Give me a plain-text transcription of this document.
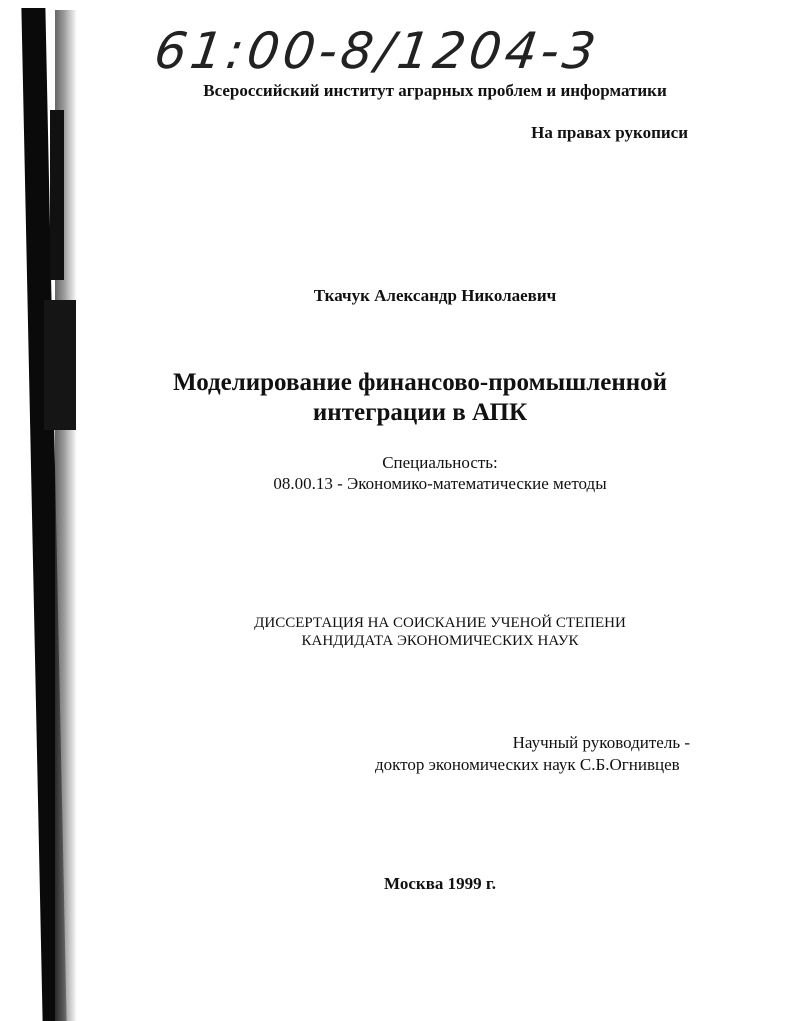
61:00-8/1204-3
Всероссийский институт аграрных проблем и информатики
На правах рукописи
Ткачук Александр Николаевич
Моделирование финансово-промышленной
интеграции в АПК
Специальность:
08.00.13 - Экономико-математические методы
ДИССЕРТАЦИЯ НА СОИСКАНИЕ УЧЕНОЙ СТЕПЕНИ
КАНДИДАТА ЭКОНОМИЧЕСКИХ НАУК
Научный руководитель -
доктор экономических наук С.Б.Огнивцев
Москва 1999 г.
